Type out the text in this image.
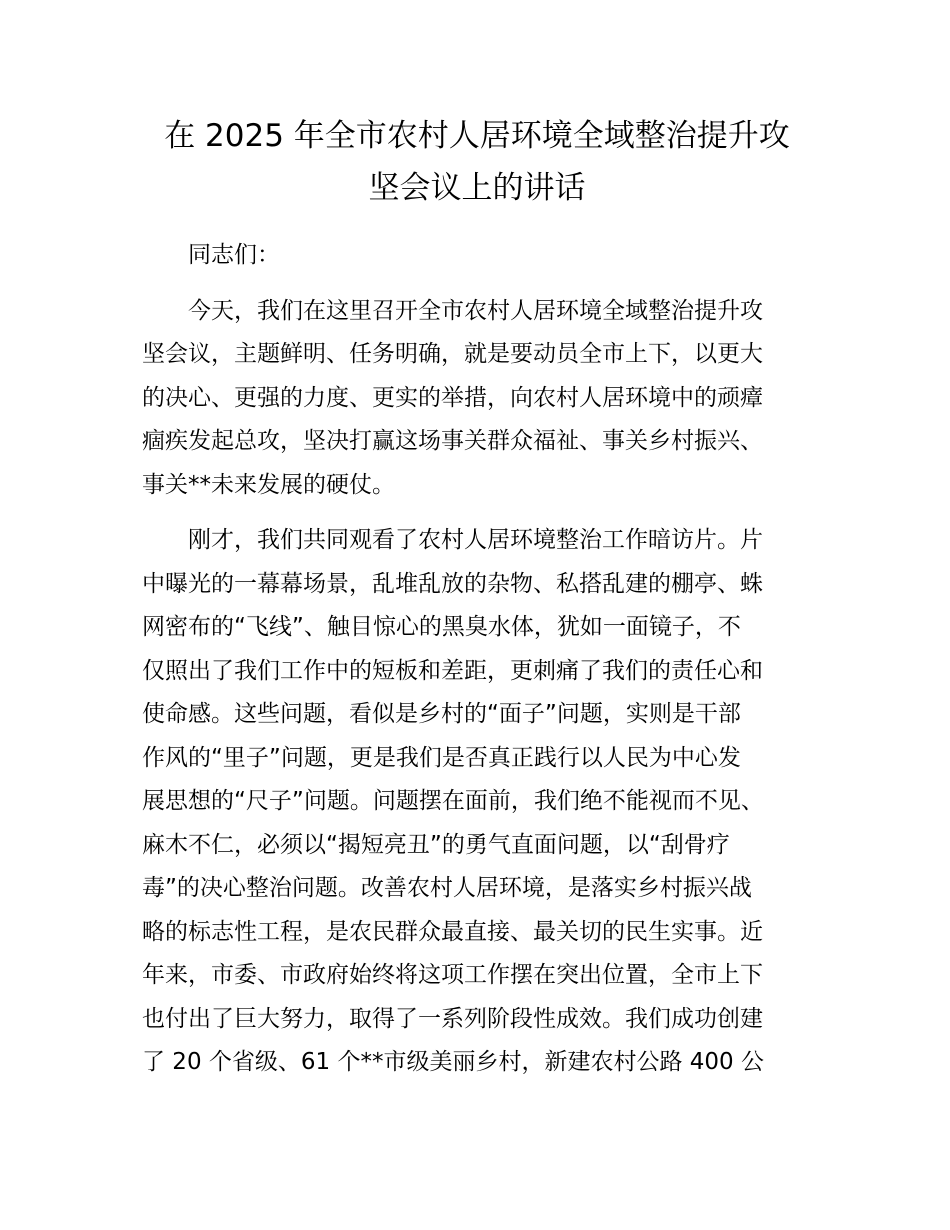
在 2025 年全市农村人居环境全域整治提升攻
坚会议上的讲话

同志们：

今天，我们在这里召开全市农村人居环境全域整治提升攻
坚会议，主题鲜明、任务明确，就是要动员全市上下，以更大
的决心、更强的力度、更实的举措，向农村人居环境中的顽瘴
痼疾发起总攻，坚决打赢这场事关群众福祉、事关乡村振兴、
事关**未来发展的硬仗。

刚才，我们共同观看了农村人居环境整治工作暗访片。片
中曝光的一幕幕场景，乱堆乱放的杂物、私搭乱建的棚亭、蛛
网密布的“飞线”、触目惊心的黑臭水体，犹如一面镜子，不
仅照出了我们工作中的短板和差距，更刺痛了我们的责任心和
使命感。这些问题，看似是乡村的“面子”问题，实则是干部
作风的“里子”问题，更是我们是否真正践行以人民为中心发
展思想的“尺子”问题。问题摆在面前，我们绝不能视而不见、
麻木不仁，必须以“揭短亮丑”的勇气直面问题，以“刮骨疗
毒”的决心整治问题。改善农村人居环境，是落实乡村振兴战
略的标志性工程，是农民群众最直接、最关切的民生实事。近
年来，市委、市政府始终将这项工作摆在突出位置，全市上下
也付出了巨大努力，取得了一系列阶段性成效。我们成功创建
了 20 个省级、61 个**市级美丽乡村，新建农村公路 400 公
